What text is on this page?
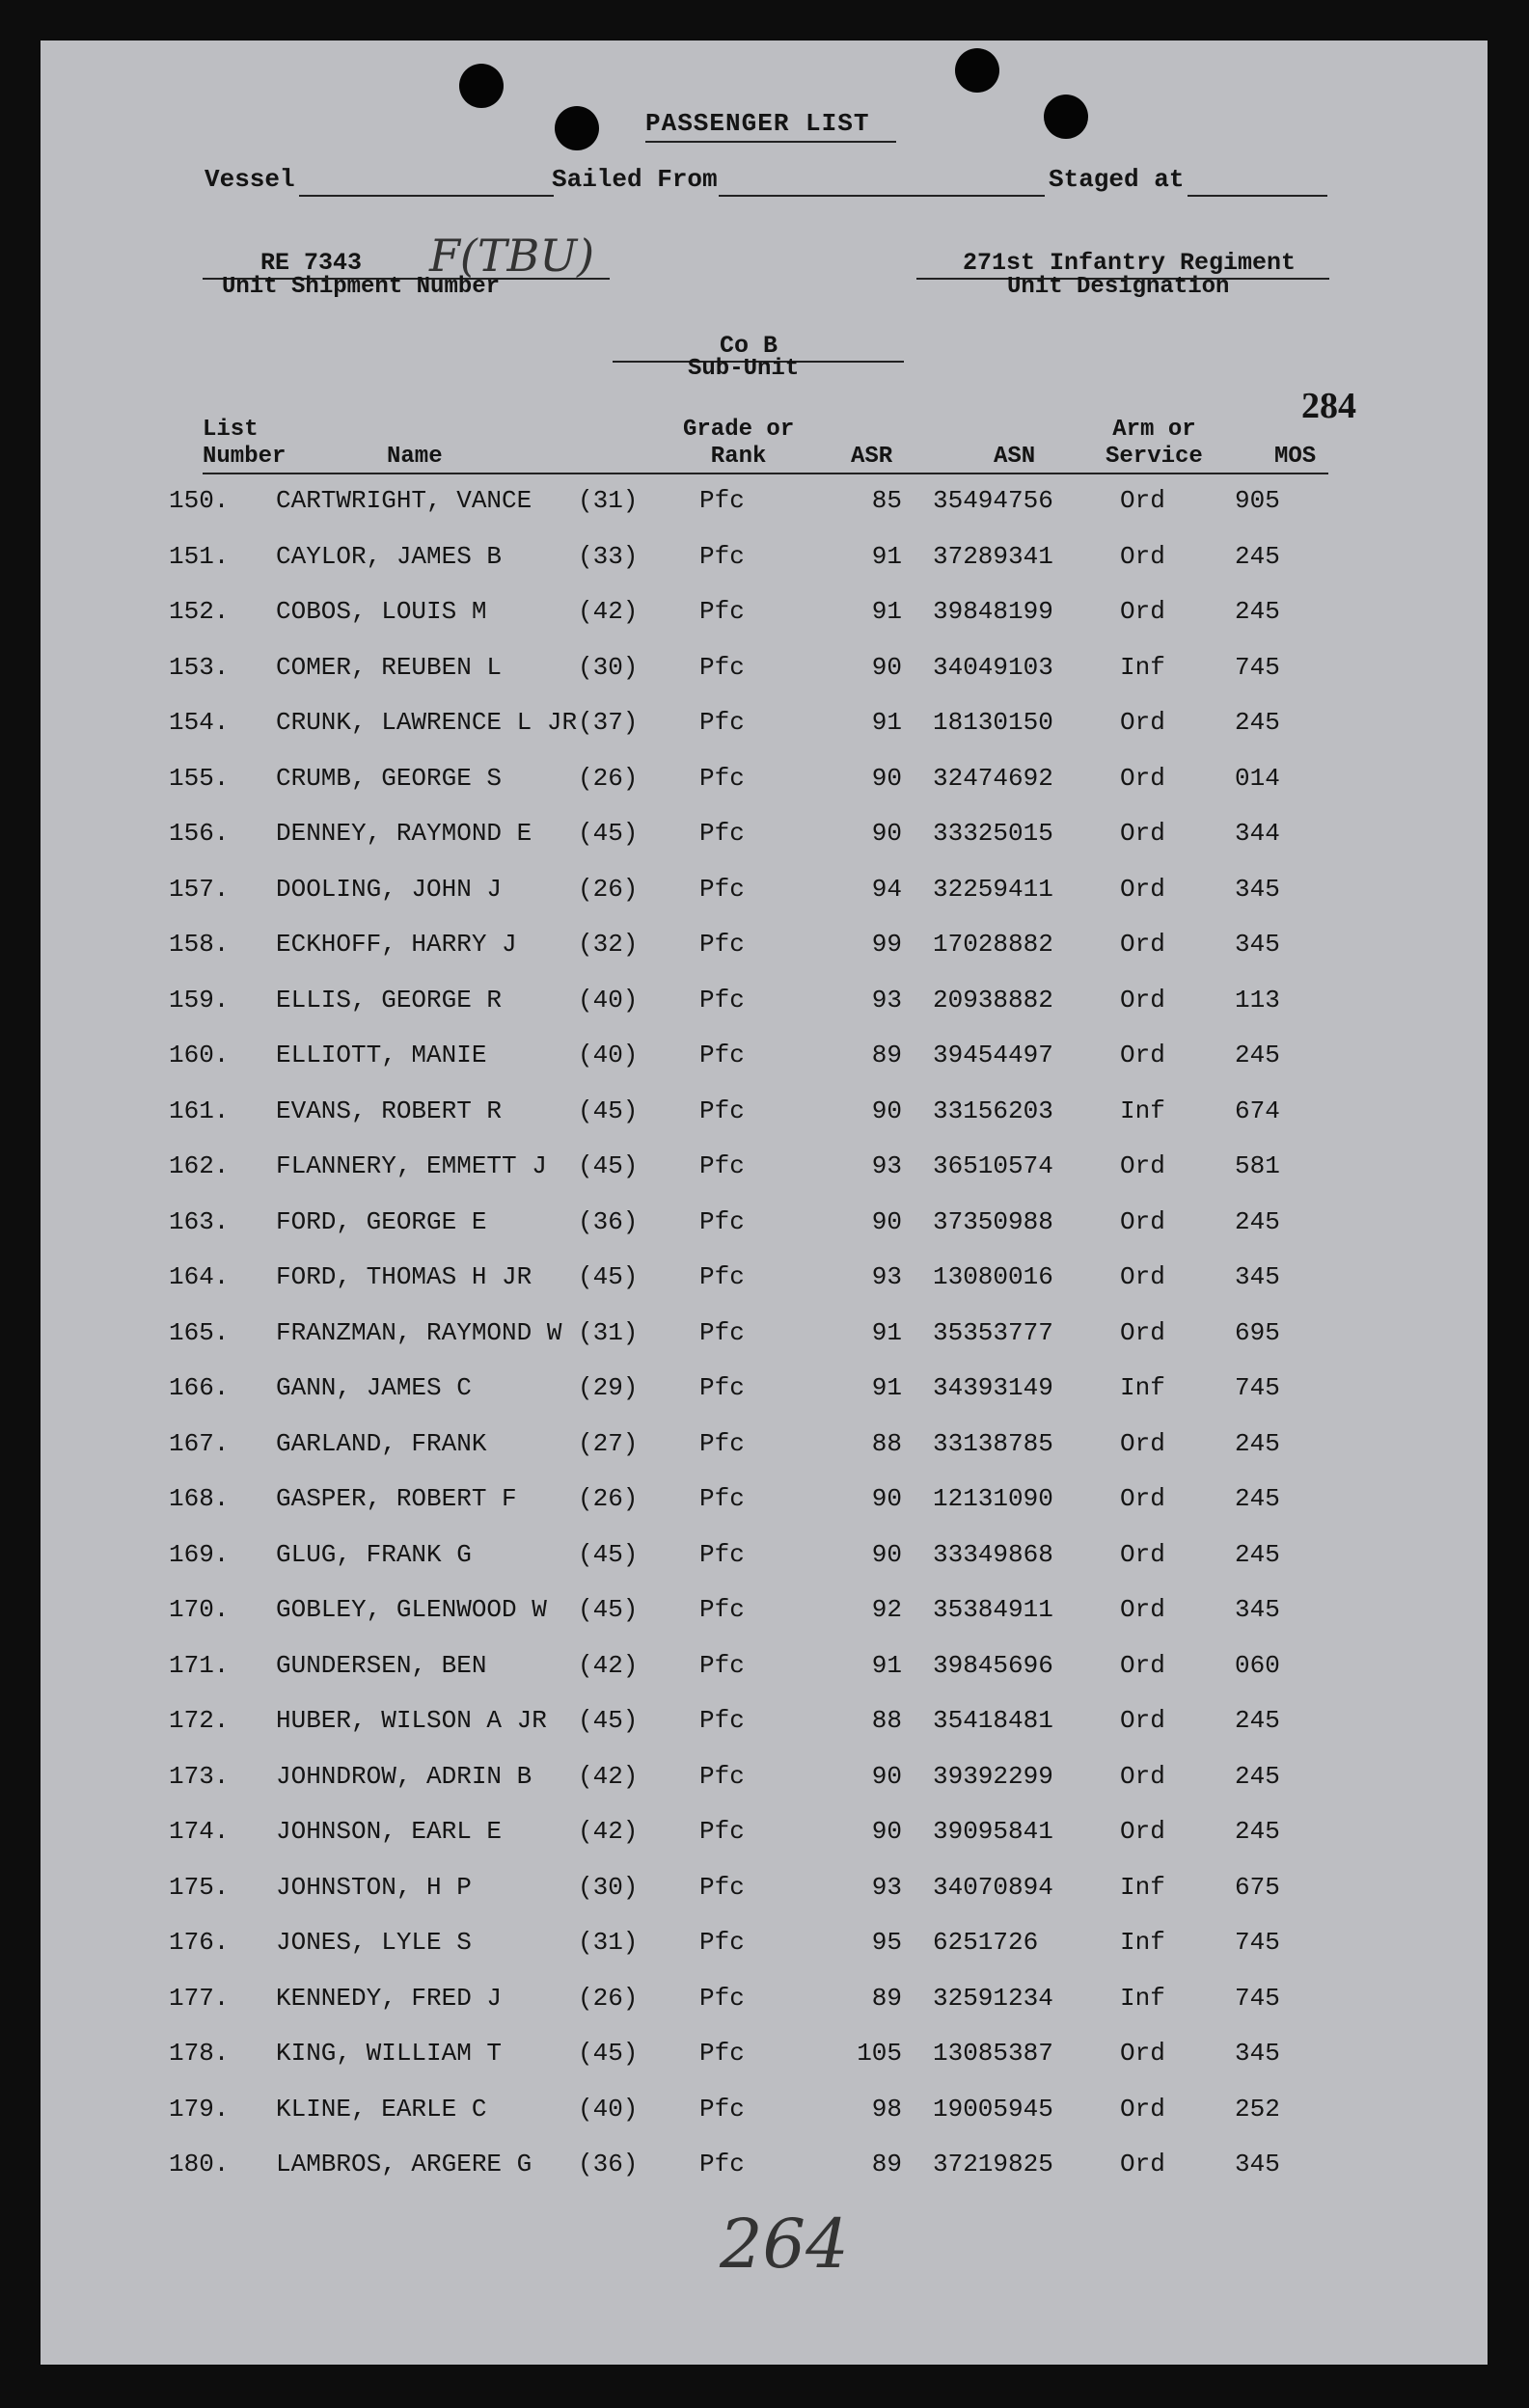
PASSENGER LIST
Vessel	Sailed From	Staged at
RE 7343 F(TBU)
Unit Shipment Number
271st Infantry Regiment
Unit Designation
Co B
Sub-Unit
284
List
Number	Name
Grade or
Rank	ASR	ASN
Arm or
Service	MOS
150. CARTWRIGHT, VANCE (31) Pfc	85 35494756	Ord	905
151. CAYLOR, JAMES B	(33) Pfc	91 37289341	Ord	245
152. COBOS, LOUIS M	(42) Pfc	91 39848199	Ord	245
153. COMER, REUBEN L	(30) Pfc	90 34049103	Inf	745
154. CRUNK, LAWRENCE L JR (37) Pfc	91 18130150	Ord	245
155. CRUMB, GEORGE S	(26) Pfc	90 32474692	Ord	014
156. DENNEY, RAYMOND E (45) Pfc	90 33325015	Ord	344
157. DOOLING, JOHN J	(26) Pfc	94 32259411	Ord	345
158. ECKHOFF, HARRY J (32) Pfc	99 17028882	Ord	345
159. ELLIS, GEORGE R	(40) Pfc	93 20938882	Ord	113
160. ELLIOTT, MANIE	(40) Pfc	89 39454497	Ord	245
161. EVANS, ROBERT R	(45) Pfc	90 33156203	Inf	674
162. FLANNERY, EMMETT J (45) Pfc	93 36510574	Ord	581
163. FORD, GEORGE E	(36) Pfc	90 37350988	Ord	245
164. FORD, THOMAS H JR (45) Pfc	93 13080016	Ord	345
165. FRANZMAN, RAYMOND W (31) Pfc	91 35353777	Ord	695
166. GANN, JAMES C	(29) Pfc	91 34393149	Inf	745
167. GARLAND, FRANK	(27) Pfc	88 33138785	Ord	245
168. GASPER, ROBERT F (26) Pfc	90 12131090	Ord	245
169. GLUG, FRANK G	(45) Pfc	90 33349868	Ord	245
170. GOBLEY, GLENWOOD W (45) Pfc	92 35384911	Ord	345
171. GUNDERSEN, BEN	(42) Pfc	91 39845696	Ord	060
172. HUBER, WILSON A JR (45) Pfc	88 35418481	Ord	245
173. JOHNDROW, ADRIN B (42) Pfc	90 39392299	Ord	245
174. JOHNSON, EARL E	(42) Pfc	90 39095841	Ord	245
175. JOHNSTON, H P	(30) Pfc	93 34070894	Inf	675
176. JONES, LYLE S	(31) Pfc	95 6251726	Inf	745
177. KENNEDY, FRED J	(26) Pfc	89 32591234	Inf	745
178. KING, WILLIAM T	(45) Pfc	105 13085387	Ord	345
179. KLINE, EARLE C	(40) Pfc	98 19005945	Ord	252
180. LAMBROS, ARGERE G (36) Pfc	89 37219825	Ord	345
264
